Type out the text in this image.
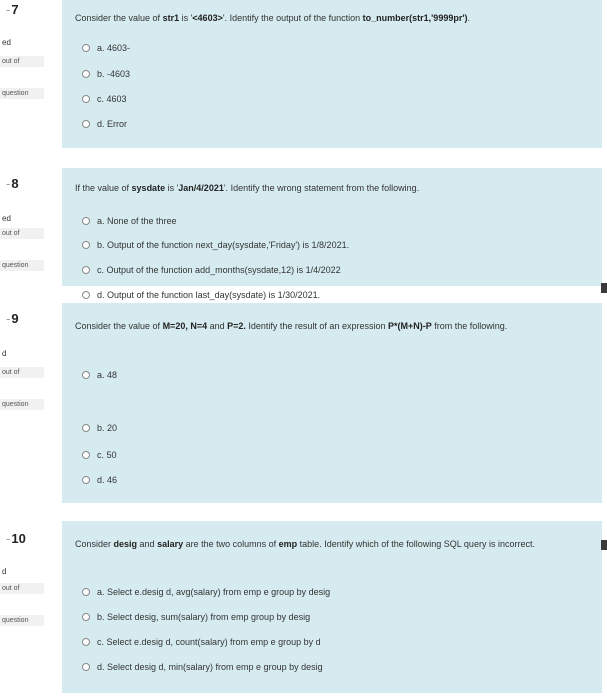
-7
ed
out of
question
Consider the value of str1 is '<4603>'. Identify the output of the function to_number(str1,'9999pr').
a. 4603-
b. -4603
c. 4603
d. Error
-8
ed
out of
question
If the value of sysdate is 'Jan/4/2021'. Identify the wrong statement from the following.
a. None of the three
b. Output of the function next_day(sysdate,'Friday') is 1/8/2021.
c. Output of the function add_months(sysdate,12) is 1/4/2022
d. Output of the function last_day(sysdate) is 1/30/2021.
-9
d
out of
question
Consider the value of M=20, N=4 and P=2. Identify the result of an expression P*(M+N)-P from the following.
a. 48
b. 20
c. 50
d. 46
-10
d
out of
question
Consider desig and salary are the two columns of emp table. Identify which of the following SQL query is incorrect.
a. Select e.desig d, avg(salary) from emp e group by desig
b. Select desig, sum(salary) from emp group by desig
c. Select e.desig d, count(salary) from emp e group by d
d. Select desig d, min(salary) from emp e group by desig
